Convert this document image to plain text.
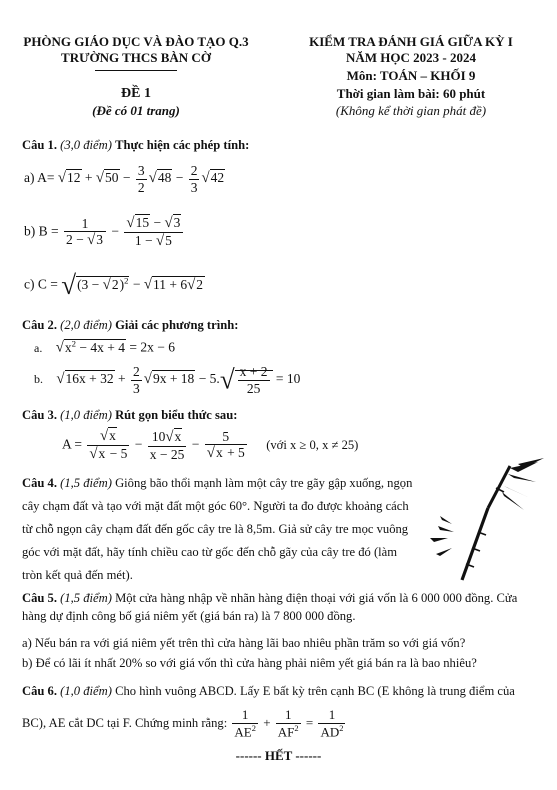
PHÒNG GIÁO DỤC VÀ ĐÀO TẠO Q.3
TRƯỜNG THCS BÀN CỜ
ĐỀ 1
(Đề có 01 trang)
KIỂM TRA ĐÁNH GIÁ GIỮA KỲ I
NĂM HỌC 2023 - 2024
Môn: TOÁN – KHỐI 9
Thời gian làm bài: 60 phút
(Không kể thời gian phát đề)
Câu 1. (3,0 điểm) Thực hiện các phép tính:
a) $A= √12 + √50 - \frac{3}{2} √48 - \frac{2}{3} √42$
b) $B = \frac{1}{2 - √3} - \frac{√15 - √3}{1 - √5}$
c) $C = √(3 - √2)^2 - √11 + 6√2$
Câu 2. (2,0 điểm) Giải các phương trình:
a. $√x^2 - 4x + 4 = 2x - 6$
b. $√16x + 32 + \frac{2}{3} √9x + 18 - 5.√ \frac{x + 2}{25} = 10$
Câu 3. (1,0 điểm) Rút gọn biểu thức sau:
$A = \frac{√x}{√x - 5} - \frac{10√x}{x - 25} - \frac{5}{√x + 5}$ (với x ≥ 0, x ≠ 25)
Câu 4. (1,5 điểm) Giông bão thổi mạnh làm một cây tre gãy gập xuống, ngọn cây chạm đất và tạo với mặt đất một góc 60°. Người ta đo được khoảng cách từ chỗ ngọn cây chạm đất đến gốc cây tre là 8,5m. Giả sử cây tre mọc vuông góc với mặt đất, hãy tính chiều cao từ gốc đến chỗ gãy của cây tre đó (làm tròn kết quả đến mét).
Câu 5. (1,5 điểm) Một cửa hàng nhập về nhãn hàng điện thoại với giá vốn là 6 000 000 đồng. Cửa hàng dự định công bố giá niêm yết (giá bán ra) là 7 800 000 đồng.
a) Nếu bán ra với giá niêm yết trên thì cửa hàng lãi bao nhiêu phần trăm so với giá vốn?
b) Để có lãi ít nhất 20% so với giá vốn thì cửa hàng phải niêm yết giá bán ra là bao nhiêu?
Câu 6. (1,0 điểm) Cho hình vuông ABCD. Lấy E bất kỳ trên cạnh BC (E không là trung điểm của
BC), AE cắt DC tại F. Chứng minh rằng: $\frac{1}{AE^2} + \frac{1}{AF^2} = \frac{1}{AD^2}$
------ HẾT ------
